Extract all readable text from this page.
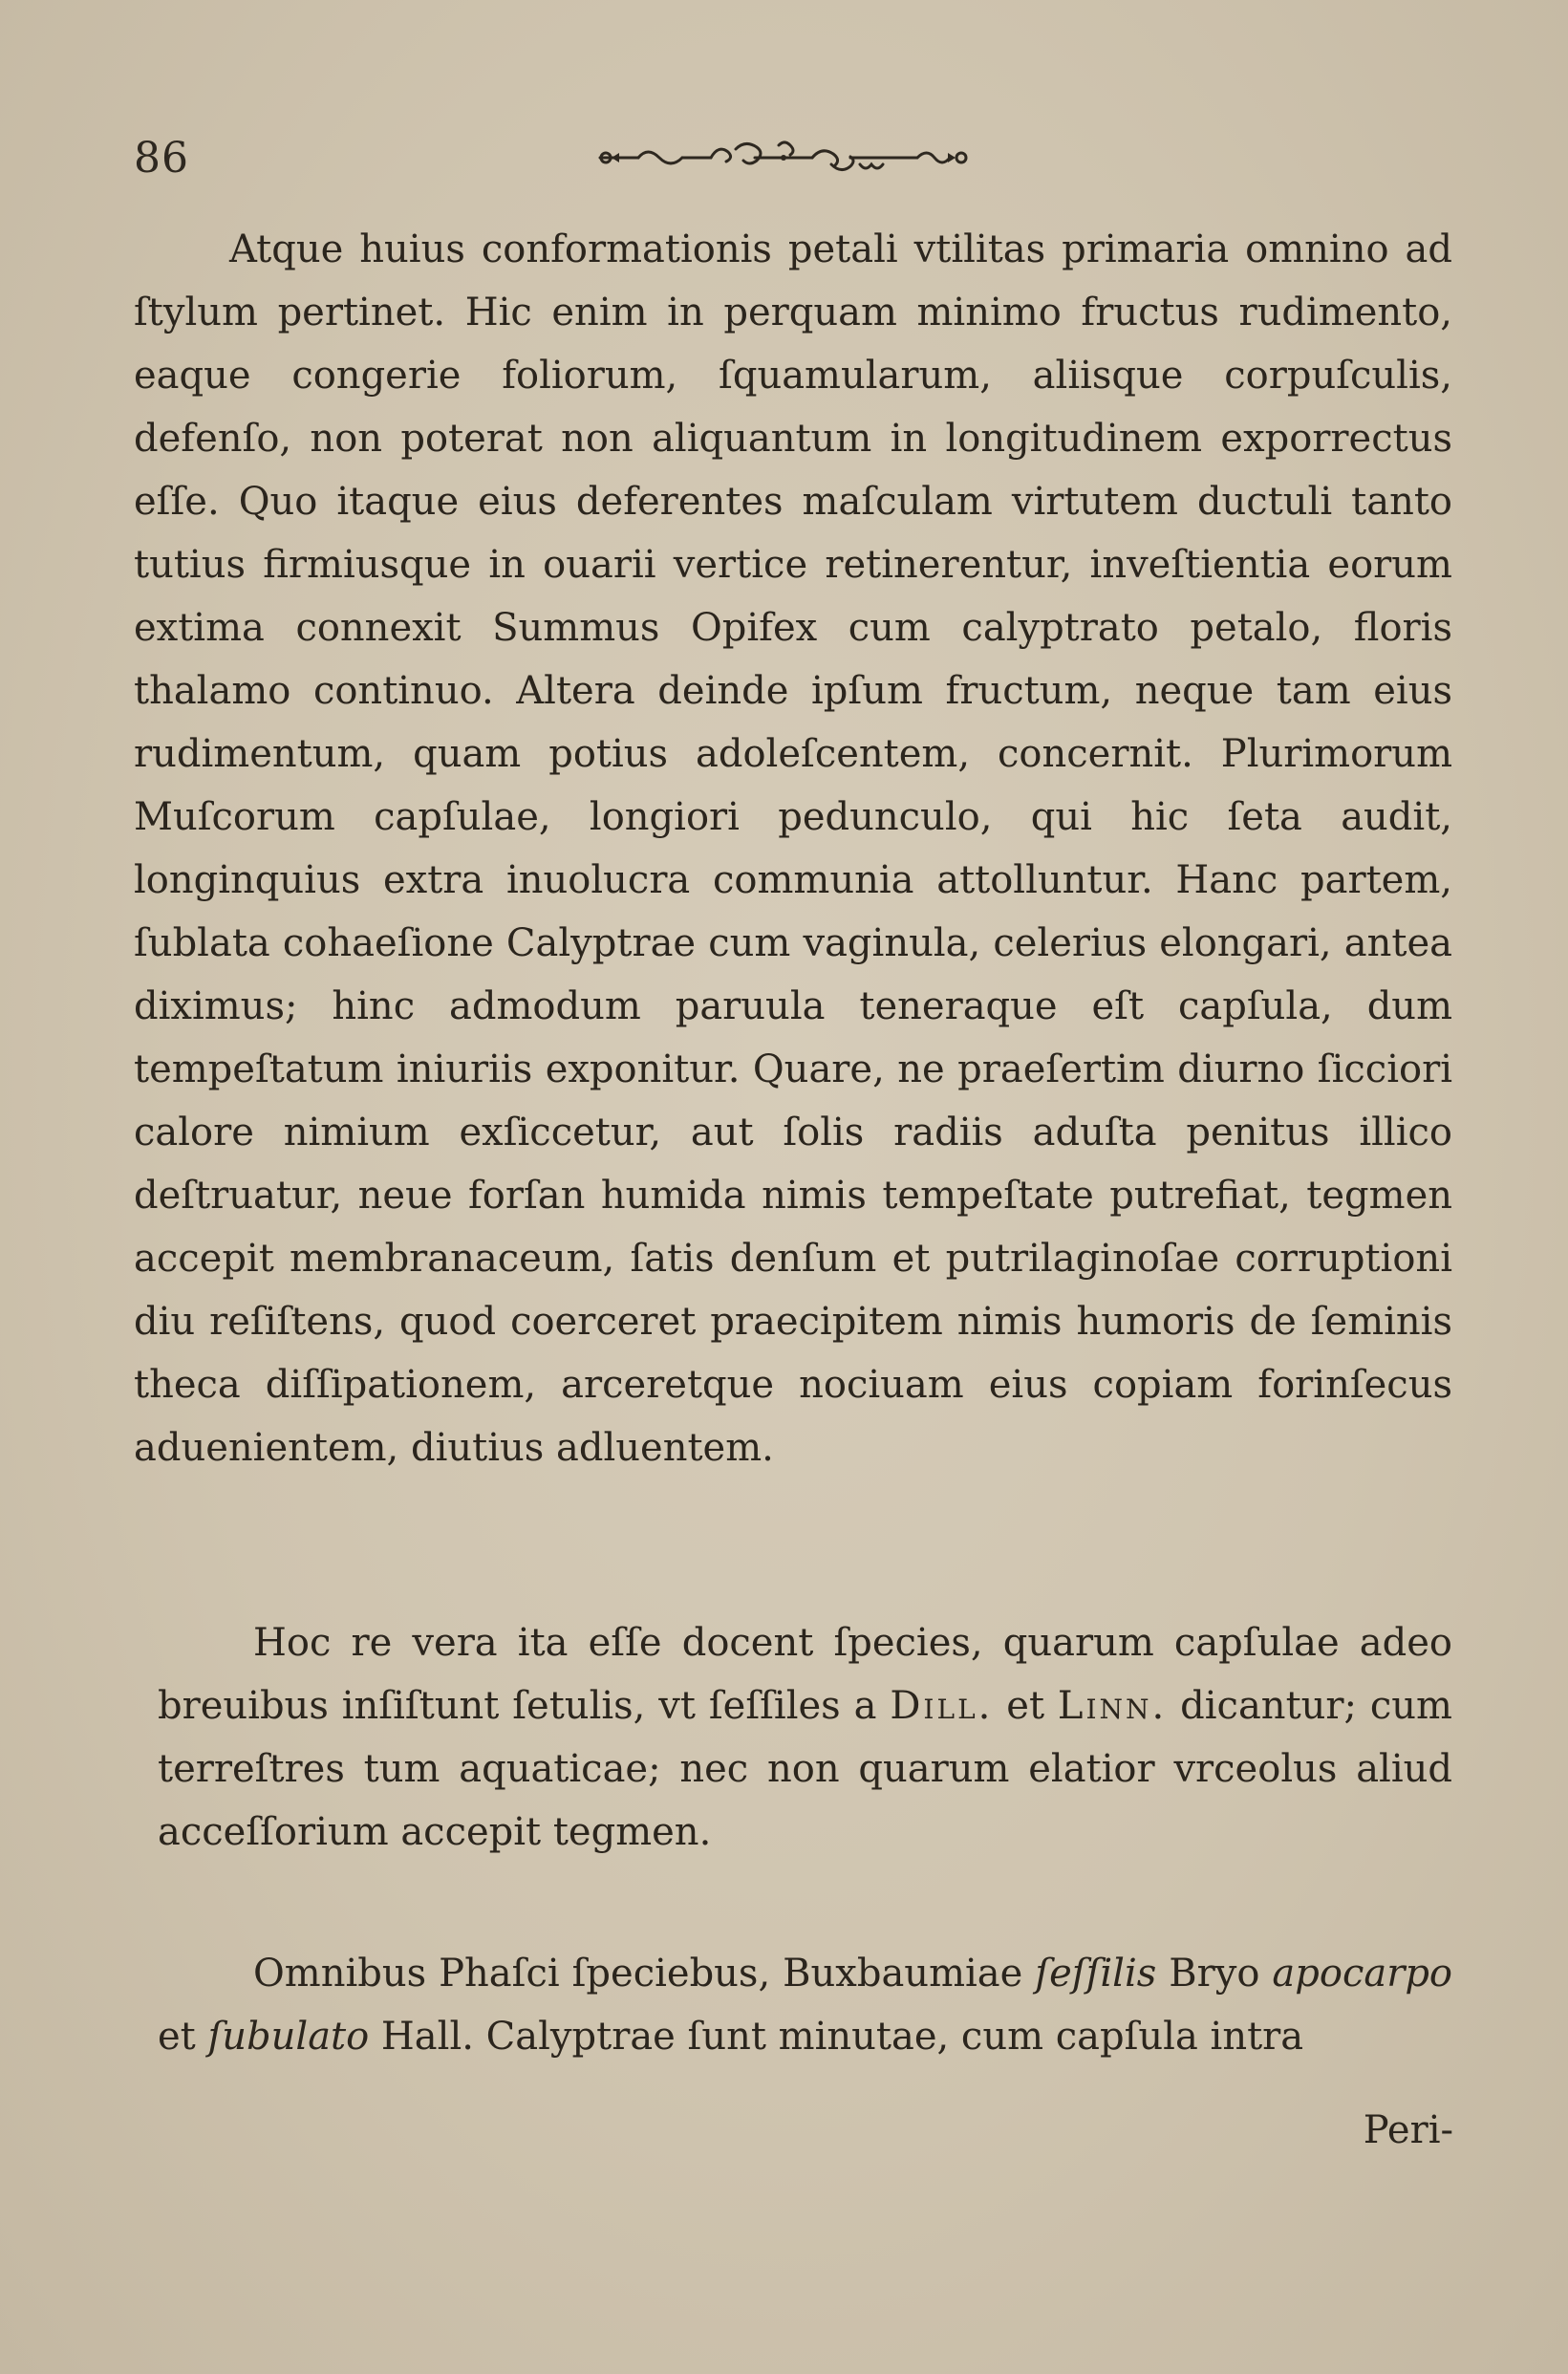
86

Atque huius conformationis petali vtilitas primaria omnino ad ſtylum pertinet. Hic enim in perquam minimo fructus rudimento, eaque congerie foliorum, ſquamularum, aliisque corpuſculis, defenſo, non poterat non aliquantum in longitudinem exporrectus eſſe. Quo itaque eius deferentes maſculam virtutem ductuli tanto tutius firmiusque in ouarii vertice retinerentur, inveſtientia eorum extima connexit Summus Opifex cum calyptrato petalo, floris thalamo continuo. Altera deinde ipſum fructum, neque tam eius rudimentum, quam potius adoleſcentem, concernit. Plurimorum Muſcorum capſulae, longiori pedunculo, qui hic ſeta audit, longinquius extra inuolucra communia attolluntur. Hanc partem, ſublata cohaeſione Calyptrae cum vaginula, celerius elongari, antea diximus; hinc admodum paruula teneraque eſt capſula, dum tempeſtatum iniuriis exponitur. Quare, ne praeſertim diurno ſicciori calore nimium exſiccetur, aut ſolis radiis aduſta penitus illico deſtruatur, neue forſan humida nimis tempeſtate putrefiat, tegmen accepit membranaceum, ſatis denſum et putrilaginoſae corruptioni diu reſiſtens, quod coerceret praecipitem nimis humoris de ſeminis theca diſſipationem, arceretque nociuam eius copiam forinſecus aduenientem, diutius adluentem.

Hoc re vera ita eſſe docent ſpecies, quarum capſulae adeo breuibus inſiſtunt ſetulis, vt ſeſſiles a Dill. et Linn. dicantur; cum terreſtres tum aquaticae; nec non quarum elatior vrceolus aliud acceſſorium accepit tegmen.

Omnibus Phaſci ſpeciebus, Buxbaumiae ſeſſilis Bryo apocarpo et ſubulato Hall. Calyptrae ſunt minutae, cum capſula intra

Peri-
